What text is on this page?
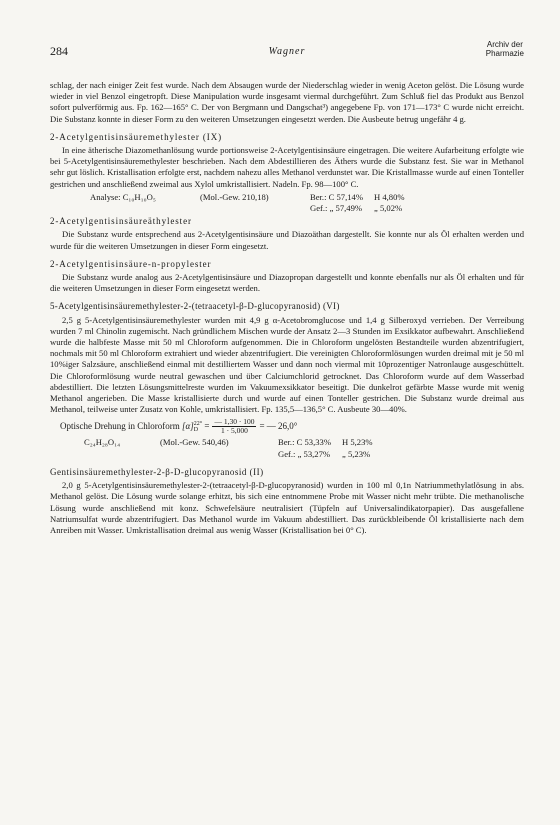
284	Wagner
Archiv der
Pharmazie

schlag, der nach einiger Zeit fest wurde. Nach dem Absaugen wurde der Niederschlag wieder in wenig Aceton gelöst. Die Lösung wurde wieder in viel Benzol eingetropft. Diese Manipulation wurde insgesamt viermal durchgeführt. Zum Schluß fiel das Produkt aus Benzol sofort pulverförmig aus. Fp. 162—165° C. Der von Bergmann und Dangschat³) angegebene Fp. von 171—173° C wurde nicht erreicht. Die Substanz konnte in dieser Form zu den weiteren Umsetzungen eingesetzt werden. Die Ausbeute betrug ungefähr 4 g.

2-Acetylgentisinsäuremethylester (IX)

In eine ätherische Diazomethanlösung wurde portionsweise 2-Acetylgentisinsäure eingetragen. Die weitere Aufarbeitung erfolgte wie bei 5-Acetylgentisinsäuremethylester beschrieben. Nach dem Abdestillieren des Äthers wurde die Substanz fest. Sie war in Methanol sehr gut löslich. Kristallisation erfolgte erst, nachdem nahezu alles Methanol verdunstet war. Die Kristallmasse wurde auf einen Tonteller gestrichen und anschließend zweimal aus Xylol umkristallisiert. Nadeln. Fp. 98—100° C.

Analyse: C₁₀H₁₀O₅	(Mol.-Gew. 210,18)	Ber.: C 57,14%	H 4,80%
Gef.: „ 57,49%	„ 5,02%
2-Acetylgentisinsäureäthylester

Die Substanz wurde entsprechend aus 2-Acetylgentisinsäure und Diazoäthan dargestellt. Sie konnte nur als Öl erhalten werden und wurde für die weiteren Umsetzungen in dieser Form eingesetzt.

2-Acetylgentisinsäure-n-propylester

Die Substanz wurde analog aus 2-Acetylgentisinsäure und Diazopropan dargestellt und konnte ebenfalls nur als Öl erhalten und für die weiteren Umsetzungen in dieser Form eingesetzt werden.

5-Acetylgentisinsäuremethylester-2-(tetraacetyl-β-D-glucopyranosid) (VI)

2,5 g 5-Acetylgentisinsäuremethylester wurden mit 4,9 g α-Acetobromglucose und 1,4 g Silberoxyd verrieben. Der Verreibung wurden 7 ml Chinolin zugemischt. Nach gründlichem Mischen wurde der Ansatz 2—3 Stunden im Exsikkator aufbewahrt. Anschließend wurde die halbfeste Masse mit 50 ml Chloroform aufgenommen. Die in Chloroform ungelösten Bestandteile wurden abzentrifugiert, nochmals mit 50 ml Chloroform extrahiert und wieder abzentrifugiert. Die vereinigten Chloroformlösungen wurden dreimal mit je 50 ml 10%iger Salzsäure, anschließend einmal mit destilliertem Wasser und dann noch viermal mit 10prozentiger Natronlauge ausgeschüttelt. Die Chloroformlösung wurde neutral gewaschen und über Calciumchlorid getrocknet. Das Chloroform wurde auf dem Wasserbad abdestilliert. Die letzten Lösungsmittelreste wurden im Vakuumexsikkator beseitigt. Die dunkelrot gefärbte Masse wurde mit wenig Methanol angerieben. Die Masse kristallisierte durch und wurde auf einen Tonteller gestrichen. Die Substanz wurde dreimal aus Methanol, teilweise unter Zusatz von Kohle, umkristallisiert. Fp. 135,5—136,5° C. Ausbeute 30—40%.

Optische Drehung in Chloroform
[α] 22°
D
= $\frac{— 1,30 \cdot 100}{1 \cdot 5,000}$ = — 26,0°
C₂₄H₂₈O₁₄	(Mol.-Gew. 540,46)	Ber.: C 53,33%	H 5,23%
Gef.: „ 53,27%	„ 5,23%
Gentisinsäuremethylester-2-β-D-glucopyranosid (II)

2,0 g 5-Acetylgentisinsäuremethylester-2-(tetraacetyl-β-D-glucopyranosid) wurden in 100 ml 0,1n Natriummethylatlösung in abs. Methanol gelöst. Die Lösung wurde solange erhitzt, bis sich eine entnommene Probe mit Wasser nicht mehr trübte. Die methanolische Lösung wurde anschließend mit konz. Schwefelsäure neutralisiert (Tüpfeln auf Universalindikatorpapier). Das ausgefallene Natriumsulfat wurde abzentrifugiert. Das Methanol wurde im Vakuum abdestilliert. Das zurückbleibende Öl kristallisierte nach dem Anreiben mit Wasser. Umkristallisation dreimal aus wenig Wasser (Kristallisation bei 0° C).
